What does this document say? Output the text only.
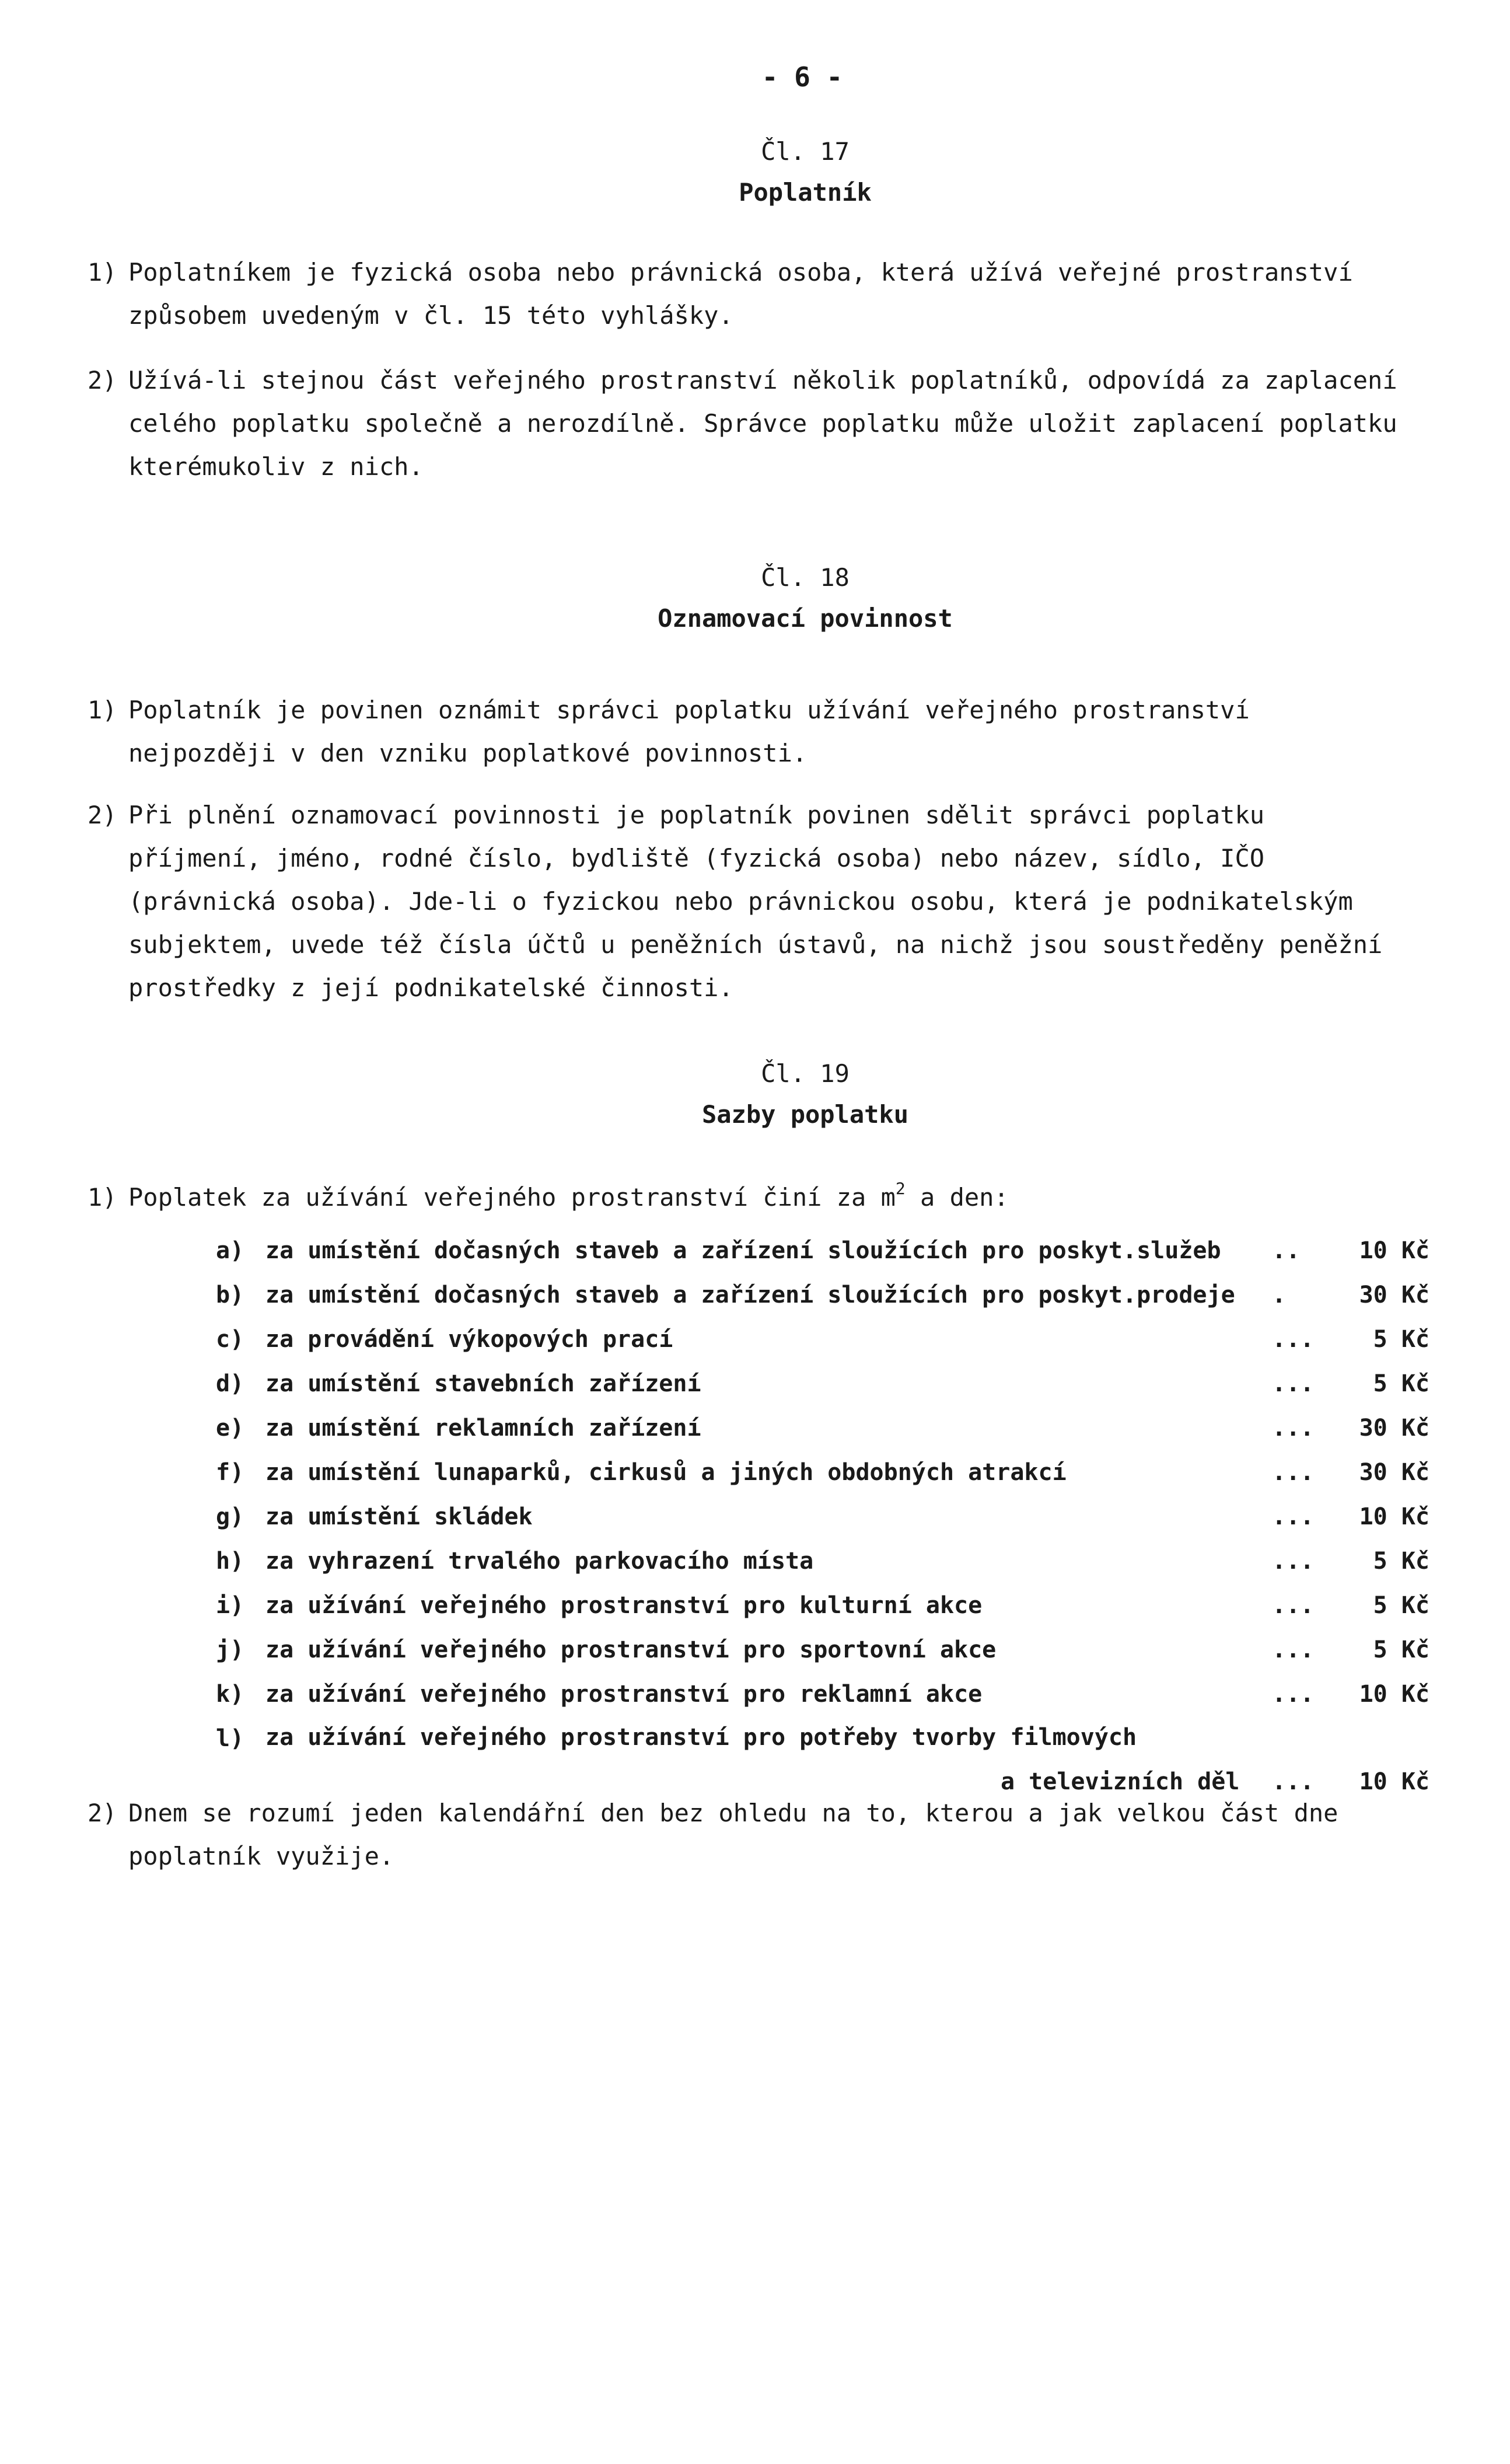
- 6 -
Čl. 17
Poplatník
1) Poplatníkem je fyzická osoba nebo právnická osoba, která užívá veřejné prostranství způsobem uvedeným v čl. 15 této vyhlášky.
2) Užívá-li stejnou část veřejného prostranství několik poplatníků, odpovídá za zaplacení celého poplatku společně a nerozdílně. Správce poplatku může uložit zaplacení poplatku kterémukoliv z nich.
Čl. 18
Oznamovací povinnost
1) Poplatník je povinen oznámit správci poplatku užívání veřejného prostranství nejpozději v den vzniku poplatkové povinnosti.
2) Při plnění oznamovací povinnosti je poplatník povinen sdělit správci poplatku příjmení, jméno, rodné číslo, bydliště (fyzická osoba) nebo název, sídlo, IČO (právnická osoba). Jde-li o fyzickou nebo právnickou osobu, která je podnikatelským subjektem, uvede též čísla účtů u peněžních ústavů, na nichž jsou soustředěny peněžní prostředky z její podnikatelské činnosti.
Čl. 19
Sazby poplatku
1) Poplatek za užívání veřejného prostranství činí za $m^2$ a den:
a) za umístění dočasných staveb a zařízení sloužících pro poskyt.služeb	..	10 Kč
b) za umístění dočasných staveb a zařízení sloužících pro poskyt.prodeje	.	30 Kč
c) za provádění výkopových prací	...	5 Kč
d) za umístění stavebních zařízení	...	5 Kč
e) za umístění reklamních zařízení	...	30 Kč
f) za umístění lunaparků, cirkusů a jiných obdobných atrakcí	...	30 Kč
g) za umístění skládek	...	10 Kč
h) za vyhrazení trvalého parkovacího místa	...	5 Kč
i) za užívání veřejného prostranství pro kulturní akce	...	5 Kč
j) za užívání veřejného prostranství pro sportovní akce	...	5 Kč
k) za užívání veřejného prostranství pro reklamní akce	...	10 Kč
l) za užívání veřejného prostranství pro potřeby tvorby filmových
a televizních děl	...	10 Kč
2) Dnem se rozumí jeden kalendářní den bez ohledu na to, kterou a jak velkou část dne poplatník využije.
